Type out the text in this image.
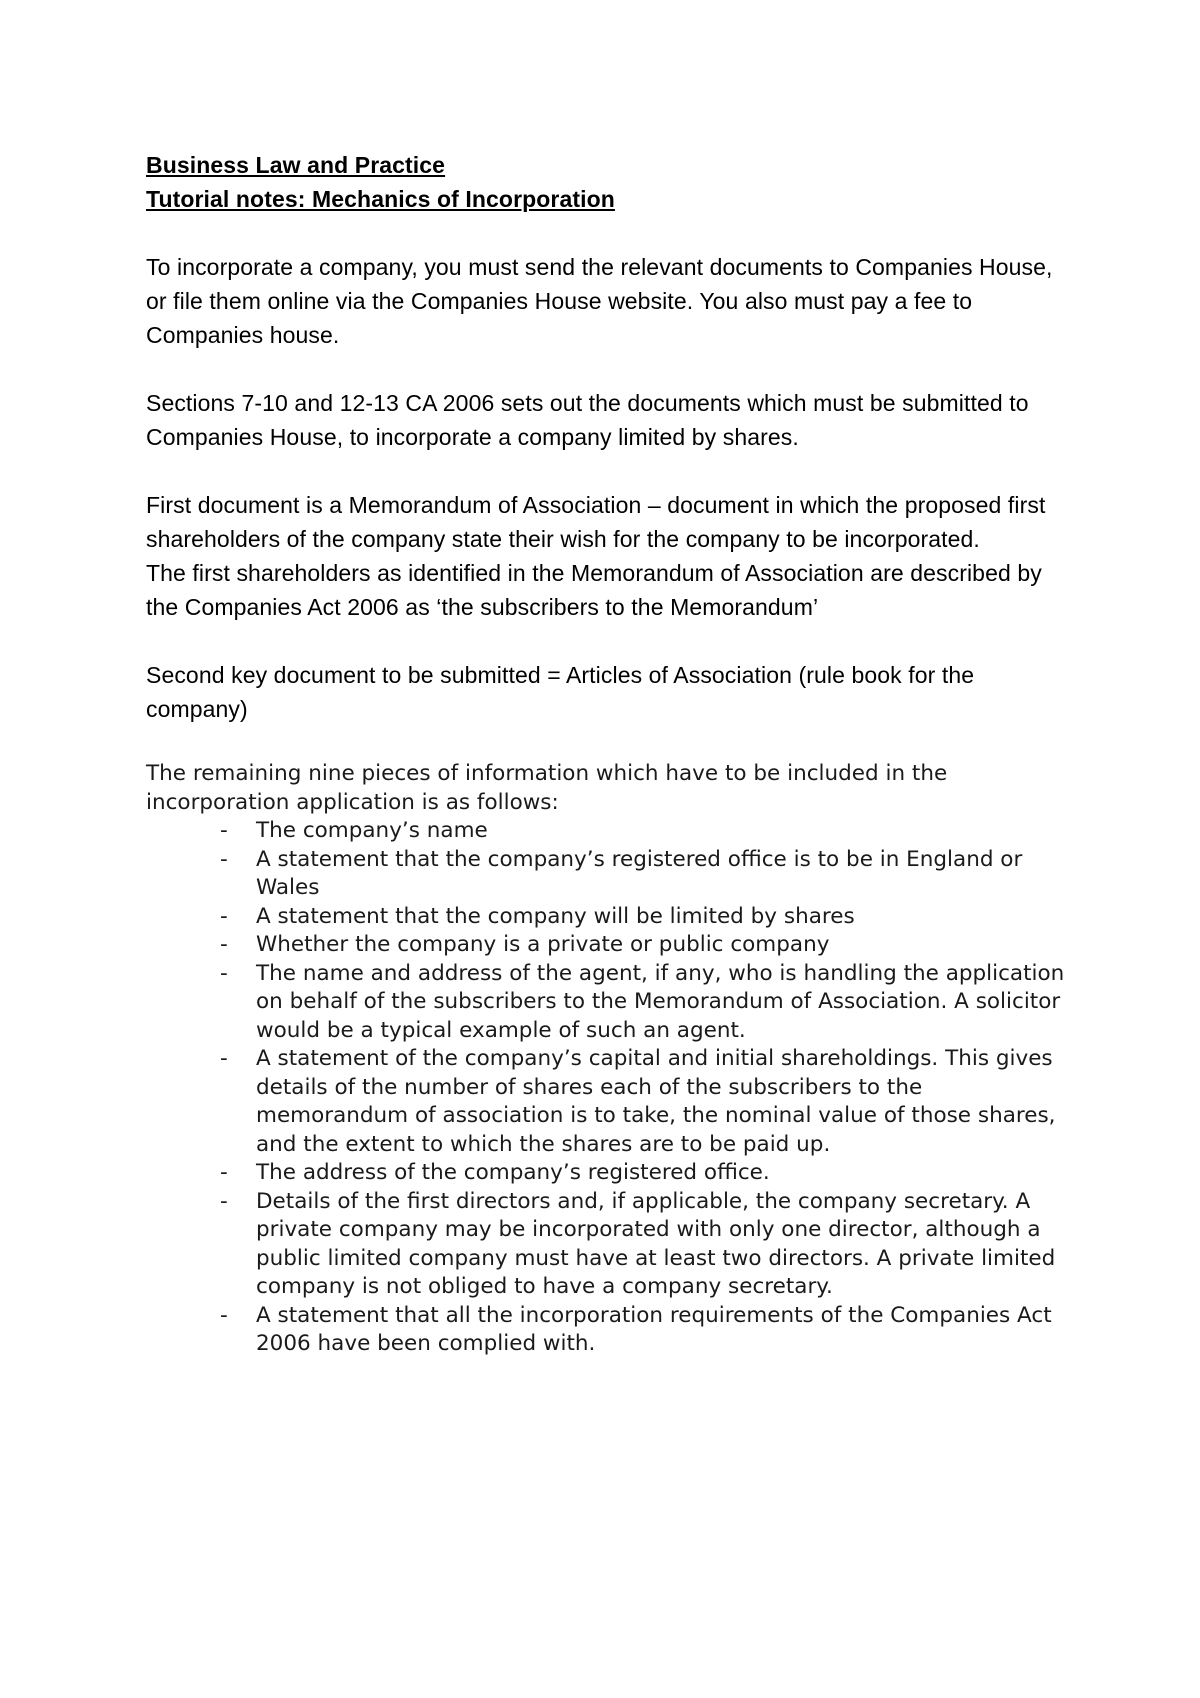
Business Law and Practice

Tutorial notes: Mechanics of Incorporation

To incorporate a company, you must send the relevant documents to Companies House, or file them online via the Companies House website. You also must pay a fee to Companies house.

Sections 7-10 and 12-13 CA 2006 sets out the documents which must be submitted to Companies House, to incorporate a company limited by shares.

First document is a Memorandum of Association – document in which the proposed first shareholders of the company state their wish for the company to be incorporated.

The first shareholders as identified in the Memorandum of Association are described by the Companies Act 2006 as ‘the subscribers to the Memorandum’

Second key document to be submitted = Articles of Association (rule book for the company)

The remaining nine pieces of information which have to be included in the incorporation application is as follows:

- The company’s name
- A statement that the company’s registered office is to be in England or Wales
- A statement that the company will be limited by shares
- Whether the company is a private or public company
- The name and address of the agent, if any, who is handling the application on behalf of the subscribers to the Memorandum of Association. A solicitor would be a typical example of such an agent.
- A statement of the company’s capital and initial shareholdings. This gives details of the number of shares each of the subscribers to the memorandum of association is to take, the nominal value of those shares, and the extent to which the shares are to be paid up.
- The address of the company’s registered office.
- Details of the first directors and, if applicable, the company secretary. A private company may be incorporated with only one director, although a public limited company must have at least two directors. A private limited company is not obliged to have a company secretary.
- A statement that all the incorporation requirements of the Companies Act 2006 have been complied with.
